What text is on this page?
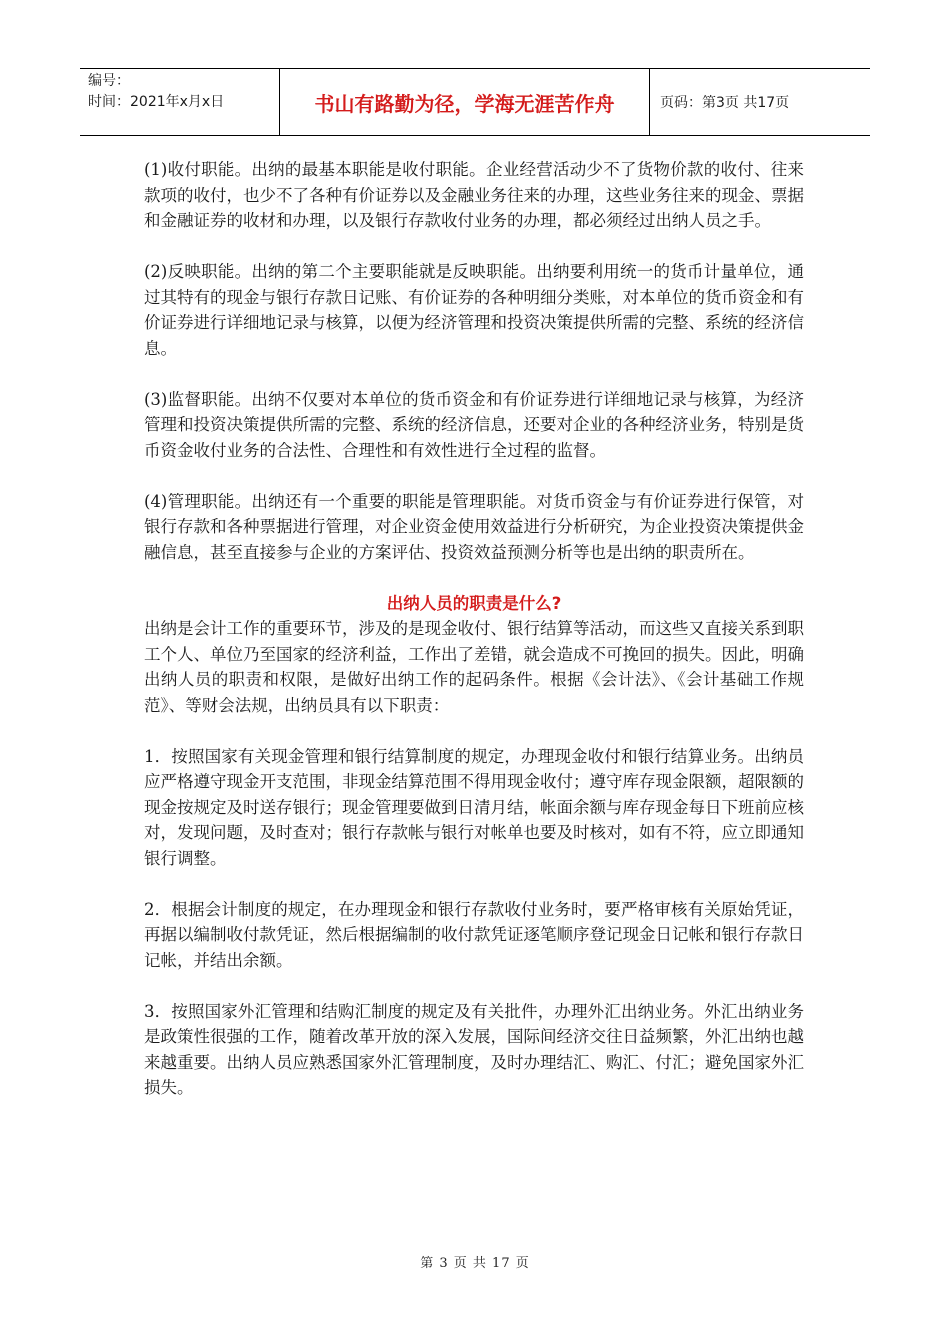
编号：
时间：2021年x月x日	书山有路勤为径，学海无涯苦作舟	页码：第3页 共17页

(1)收付职能。出纳的最基本职能是收付职能。企业经营活动少不了货物价款的收付、往来款项的收付，也少不了各种有价证券以及金融业务往来的办理，这些业务往来的现金、票据和金融证券的收材和办理，以及银行存款收付业务的办理，都必须经过出纳人员之手。

(2)反映职能。出纳的第二个主要职能就是反映职能。出纳要利用统一的货币计量单位，通过其特有的现金与银行存款日记账、有价证券的各种明细分类账，对本单位的货币资金和有价证券进行详细地记录与核算，以便为经济管理和投资决策提供所需的完整、系统的经济信息。

(3)监督职能。出纳不仅要对本单位的货币资金和有价证券进行详细地记录与核算，为经济管理和投资决策提供所需的完整、系统的经济信息，还要对企业的各种经济业务，特别是货币资金收付业务的合法性、合理性和有效性进行全过程的监督。

(4)管理职能。出纳还有一个重要的职能是管理职能。对货币资金与有价证券进行保管，对银行存款和各种票据进行管理，对企业资金使用效益进行分析研究，为企业投资决策提供金融信息，甚至直接参与企业的方案评估、投资效益预测分析等也是出纳的职责所在。

出纳人员的职责是什么?

出纳是会计工作的重要环节，涉及的是现金收付、银行结算等活动，而这些又直接关系到职工个人、单位乃至国家的经济利益，工作出了差错，就会造成不可挽回的损失。因此，明确出纳人员的职责和权限，是做好出纳工作的起码条件。根据《会计法》、《会计基础工作规范》、等财会法规，出纳员具有以下职责：

1．按照国家有关现金管理和银行结算制度的规定，办理现金收付和银行结算业务。出纳员应严格遵守现金开支范围，非现金结算范围不得用现金收付；遵守库存现金限额，超限额的现金按规定及时送存银行；现金管理要做到日清月结，帐面余额与库存现金每日下班前应核对，发现问题，及时查对；银行存款帐与银行对帐单也要及时核对，如有不符，应立即通知银行调整。

2．根据会计制度的规定，在办理现金和银行存款收付业务时，要严格审核有关原始凭证，再据以编制收付款凭证，然后根据编制的收付款凭证逐笔顺序登记现金日记帐和银行存款日记帐，并结出余额。

3．按照国家外汇管理和结购汇制度的规定及有关批件，办理外汇出纳业务。外汇出纳业务是政策性很强的工作，随着改革开放的深入发展，国际间经济交往日益频繁，外汇出纳也越来越重要。出纳人员应熟悉国家外汇管理制度，及时办理结汇、购汇、付汇；避免国家外汇损失。

第 3 页 共 17 页
